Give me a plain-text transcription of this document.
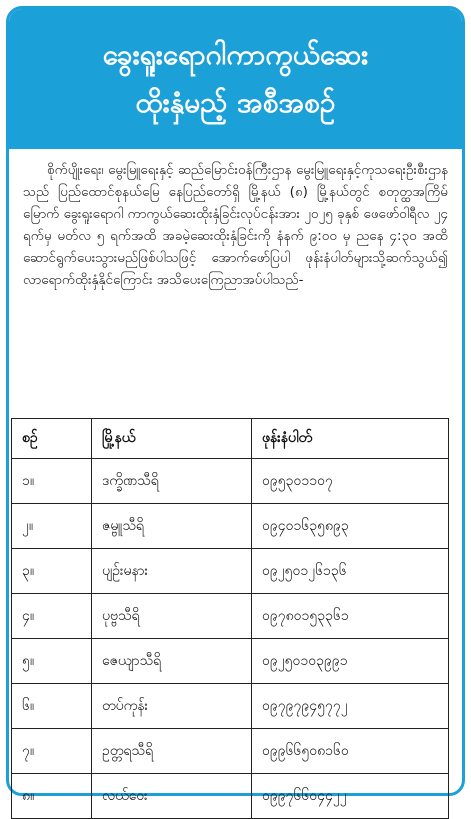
ခွေးရူးရောဂါကာကွယ်ဆေး
ထိုးနှံမည့် အစီအစဉ်

စိုက်ပျိုးရေး၊ မွေးမြူရေးနှင့် ဆည်မြောင်းဝန်ကြီးဌာန မွေးမြူရေးနှင့်ကုသရေးဦးစီးဌာနသည် ပြည်ထောင်စုနယ်မြေ နေပြည်တော်ရှိ မြို့နယ် (၈) မြို့နယ်တွင် စတုတ္ထအကြိမ်မြောက် ခွေးရူးရောဂါ ကာကွယ်ဆေးထိုးနှံခြင်းလုပ်ငန်းအား ၂၀၂၅ ခုနှစ် ဖေဖော်ဝါရီလ ၂၄ ရက်မှ မတ်လ ၅ ရက်အထိ အခမဲ့ဆေးထိုးနှံခြင်းကို နံနက် ၉:၀၀ မှ ညနေ ၄:၃၀ အထိဆောင်ရွက်ပေးသွားမည်ဖြစ်ပါသဖြင့် အောက်ဖော်ပြပါ ဖုန်းနံပါတ်များသို့ဆက်သွယ်၍ လာရောက်ထိုးနှံနိုင်ကြောင်း အသိပေးကြေညာအပ်ပါသည်-

စဉ်	မြို့နယ်	ဖုန်းနံပါတ်
၁။	ဒက္ခိဏသီရိ	၀၉၅၃၀၁၁၀၇
၂။	ဇမ္ဗူသီရိ	၀၉၄၀၁၆၃၅၈၉၃
၃။	ပျဉ်းမနား	၀၉၂၅၀၁၂၆၁၃၆
၄။	ပုဗ္ဗသီရိ	၀၉၇၈၀၁၅၃၃၆၁
၅။	ဇေယျာသီရိ	၀၉၂၅၀၁၀၃၉၉၁
၆။	တပ်ကုန်း	၀၉၇၉၇၉၄၅၇၇၂
၇။	ဥတ္တရသီရိ	၀၉၉၆၆၅၀၈၁၆၀
၈။	လယ်ဝေး	၀၉၉၇၆၆၀၄၄၂၂
